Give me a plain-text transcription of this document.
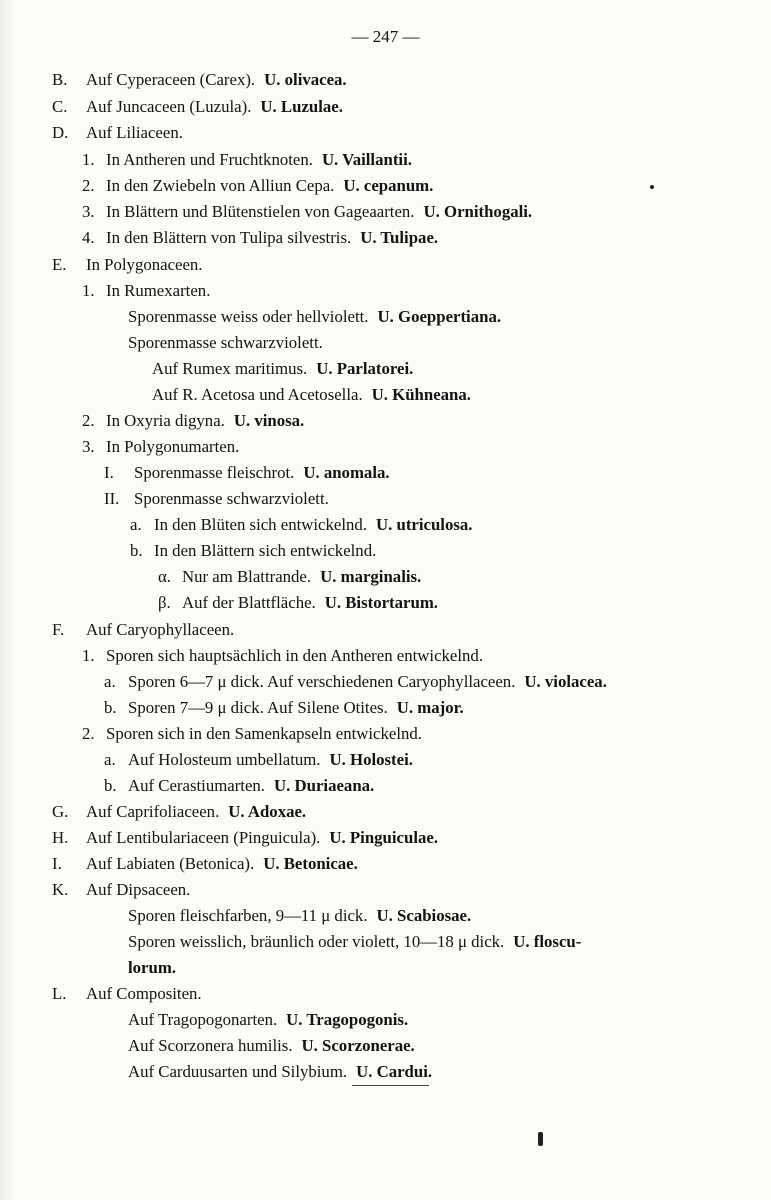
— 247 —
B. Auf Cyperaceen (Carex). U. olivacea.
C. Auf Juncaceen (Luzula). U. Luzulae.
D. Auf Liliaceen.
1. In Antheren und Fruchtknoten. U. Vaillantii.
2. In den Zwiebeln von Alliun Cepa. U. cepanum.
3. In Blättern und Blütenstielen von Gageaarten. U. Ornithogali.
4. In den Blättern von Tulipa silvestris. U. Tulipae.
E. In Polygonaceen.
1. In Rumexarten.
Sporenmasse weiss oder hellviolett. U. Goeppertiana.
Sporenmasse schwarzviolett.
Auf Rumex maritimus. U. Parlatorei.
Auf R. Acetosa und Acetosella. U. Kühneana.
2. In Oxyria digyna. U. vinosa.
3. In Polygonumarten.
I. Sporenmasse fleischrot. U. anomala.
II. Sporenmasse schwarzviolett.
a. In den Blüten sich entwickelnd. U. utriculosa.
b. In den Blättern sich entwickelnd.
α. Nur am Blattrande. U. marginalis.
β. Auf der Blattfläche. U. Bistortarum.
F. Auf Caryophyllaceen.
1. Sporen sich hauptsächlich in den Antheren entwickelnd.
a. Sporen 6—7 μ dick. Auf verschiedenen Caryophyllaceen. U. violacea.
b. Sporen 7—9 μ dick. Auf Silene Otites. U. major.
2. Sporen sich in den Samenkapseln entwickelnd.
a. Auf Holosteum umbellatum. U. Holostei.
b. Auf Cerastiumarten. U. Duriaeana.
G. Auf Caprifoliaceen. U. Adoxae.
H. Auf Lentibulariaceen (Pinguicula). U. Pinguiculae.
I. Auf Labiaten (Betonica). U. Betonicae.
K. Auf Dipsaceen.
Sporen fleischfarben, 9—11 μ dick. U. Scabiosae.
Sporen weisslich, bräunlich oder violett, 10—18 μ dick. U. floscu-
lorum.
L. Auf Compositen.
Auf Tragopogonarten. U. Tragopogonis.
Auf Scorzonera humilis. U. Scorzonerae.
Auf Carduusarten und Silybium. U. Cardui.
